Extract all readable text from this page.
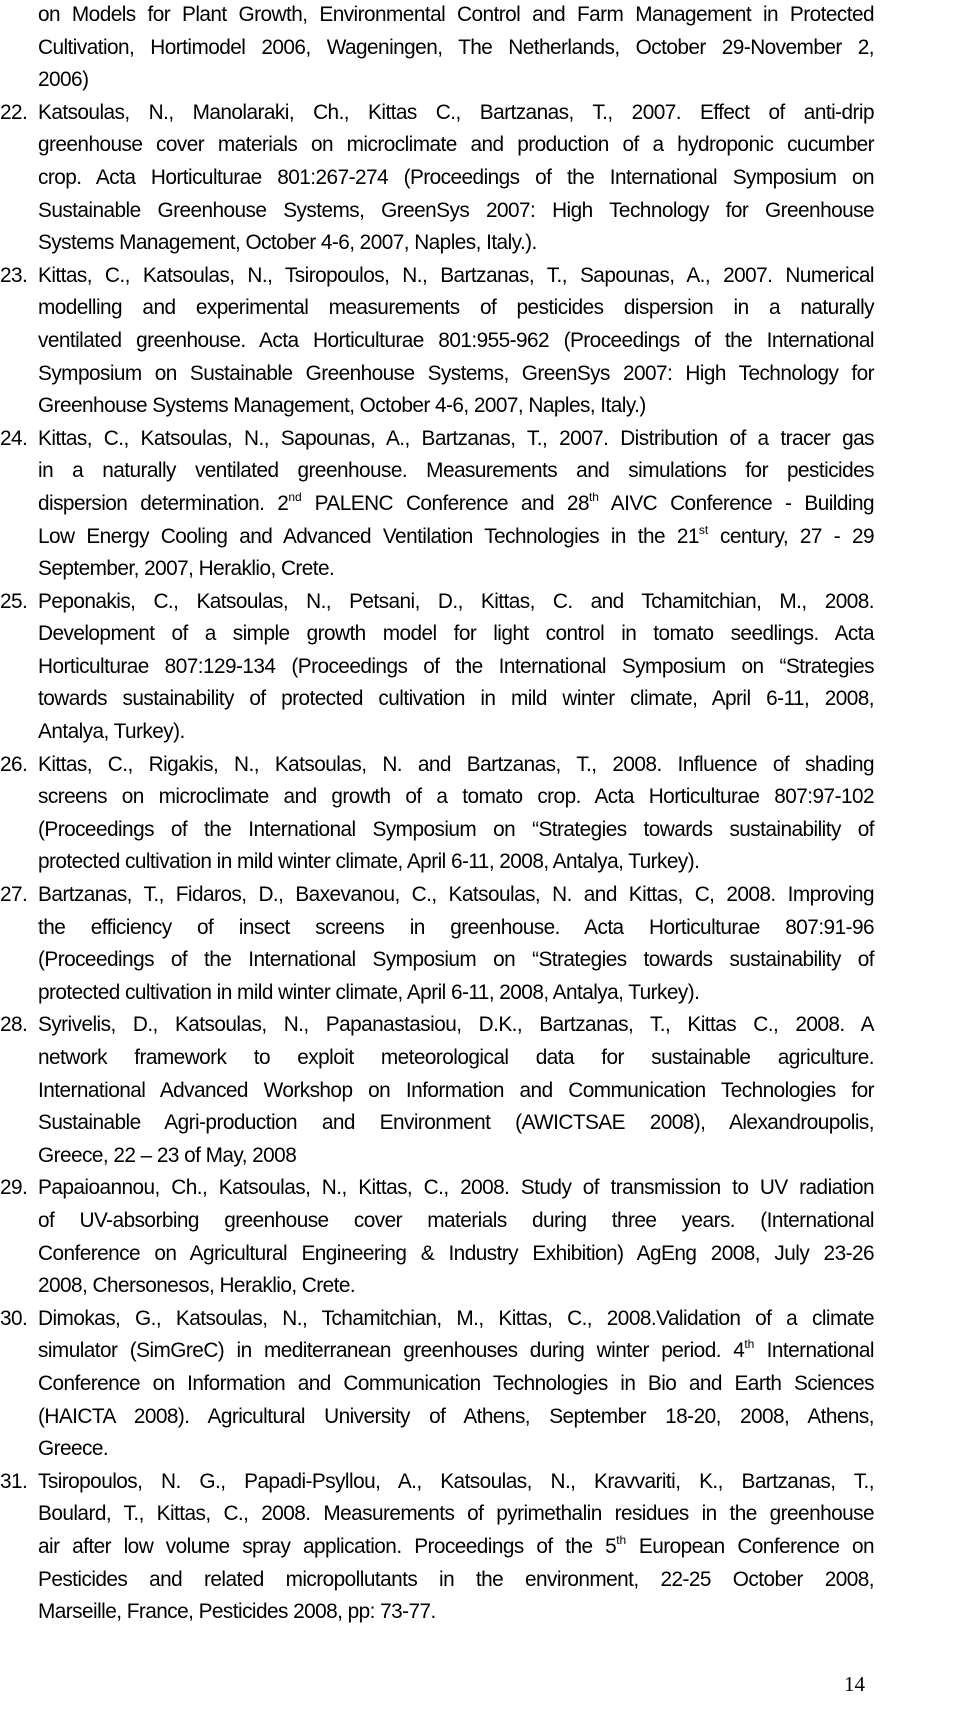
on Models for Plant Growth, Environmental Control and Farm Management in Protected
Cultivation, Hortimodel 2006, Wageningen, The Netherlands, October 29-November 2,
2006)
22. Katsoulas, N., Manolaraki, Ch., Kittas C., Bartzanas, T., 2007. Effect of anti-drip
greenhouse cover materials on microclimate and production of a hydroponic cucumber
crop. Acta Horticulturae 801:267-274 (Proceedings of the International Symposium on
Sustainable Greenhouse Systems, GreenSys 2007: High Technology for Greenhouse
Systems Management, October 4-6, 2007, Naples, Italy.).
23. Kittas, C., Katsoulas, N., Tsiropoulos, N., Bartzanas, T., Sapounas, A., 2007. Numerical
modelling and experimental measurements of pesticides dispersion in a naturally
ventilated greenhouse. Acta Horticulturae 801:955-962 (Proceedings of the International
Symposium on Sustainable Greenhouse Systems, GreenSys 2007: High Technology for
Greenhouse Systems Management, October 4-6, 2007, Naples, Italy.)
24. Kittas, C., Katsoulas, N., Sapounas, A., Bartzanas, T., 2007. Distribution of a tracer gas
in a naturally ventilated greenhouse. Measurements and simulations for pesticides
dispersion determination. 2nd PALENC Conference and 28th AIVC Conference - Building
Low Energy Cooling and Advanced Ventilation Technologies in the 21st century, 27 - 29
September, 2007, Heraklio, Crete.
25. Peponakis, C., Katsoulas, N., Petsani, D., Kittas, C. and Tchamitchian, M., 2008.
Development of a simple growth model for light control in tomato seedlings. Acta
Horticulturae 807:129-134 (Proceedings of the International Symposium on “Strategies
towards sustainability of protected cultivation in mild winter climate, April 6-11, 2008,
Antalya, Turkey).
26. Kittas, C., Rigakis, N., Katsoulas, N. and Bartzanas, T., 2008. Influence of shading
screens on microclimate and growth of a tomato crop. Acta Horticulturae 807:97-102
(Proceedings of the International Symposium on “Strategies towards sustainability of
protected cultivation in mild winter climate, April 6-11, 2008, Antalya, Turkey).
27. Bartzanas, T., Fidaros, D., Baxevanou, C., Katsoulas, N. and Kittas, C, 2008. Improving
the efficiency of insect screens in greenhouse. Acta Horticulturae 807:91-96
(Proceedings of the International Symposium on “Strategies towards sustainability of
protected cultivation in mild winter climate, April 6-11, 2008, Antalya, Turkey).
28. Syrivelis, D., Katsoulas, N., Papanastasiou, D.K., Bartzanas, T., Kittas C., 2008. A
network framework to exploit meteorological data for sustainable agriculture.
International Advanced Workshop on Information and Communication Technologies for
Sustainable Agri-production and Environment (AWICTSAE 2008), Alexandroupolis,
Greece, 22 – 23 of May, 2008
29. Papaioannou, Ch., Katsoulas, N., Kittas, C., 2008. Study of transmission to UV radiation
of UV-absorbing greenhouse cover materials during three years. (International
Conference on Agricultural Engineering & Industry Exhibition) AgEng 2008, July 23-26
2008, Chersonesos, Heraklio, Crete.
30. Dimokas, G., Katsoulas, N., Tchamitchian, M., Kittas, C., 2008.Validation of a climate
simulator (SimGreC) in mediterranean greenhouses during winter period. 4th International
Conference on Information and Communication Technologies in Bio and Earth Sciences
(HAICTA 2008). Agricultural University of Athens, September 18-20, 2008, Athens,
Greece.
31. Tsiropoulos, N. G., Papadi-Psyllou, A., Katsoulas, N., Kravvariti, K., Bartzanas, T.,
Boulard, T., Kittas, C., 2008. Measurements of pyrimethalin residues in the greenhouse
air after low volume spray application. Proceedings of the 5th European Conference on
Pesticides and related micropollutants in the environment, 22-25 October 2008,
Marseille, France, Pesticides 2008, pp: 73-77.
14
